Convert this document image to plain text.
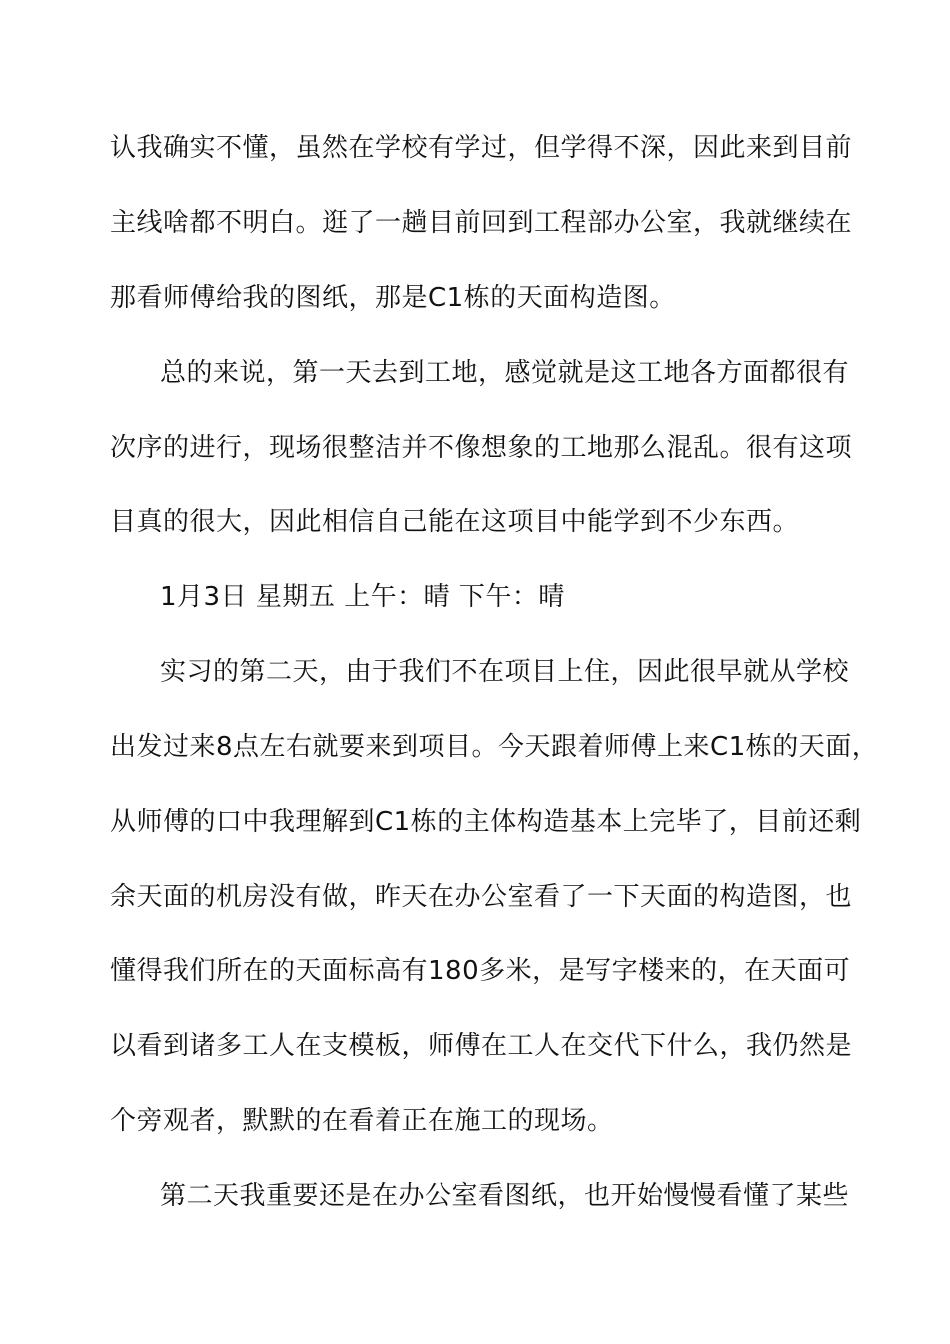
认我确实不懂，虽然在学校有学过，但学得不深，因此来到目前
主线啥都不明白。逛了一趟目前回到工程部办公室，我就继续在
那看师傅给我的图纸，那是C1栋的天面构造图。
总的来说，第一天去到工地，感觉就是这工地各方面都很有
次序的进行，现场很整洁并不像想象的工地那么混乱。很有这项
目真的很大，因此相信自己能在这项目中能学到不少东西。
1月3日 星期五 上午：晴 下午：晴
实习的第二天，由于我们不在项目上住，因此很早就从学校
出发过来8点左右就要来到项目。今天跟着师傅上来C1栋的天面，
从师傅的口中我理解到C1栋的主体构造基本上完毕了，目前还剩
余天面的机房没有做，昨天在办公室看了一下天面的构造图，也
懂得我们所在的天面标高有180多米，是写字楼来的，在天面可
以看到诸多工人在支模板，师傅在工人在交代下什么，我仍然是
个旁观者，默默的在看着正在施工的现场。
第二天我重要还是在办公室看图纸，也开始慢慢看懂了某些
